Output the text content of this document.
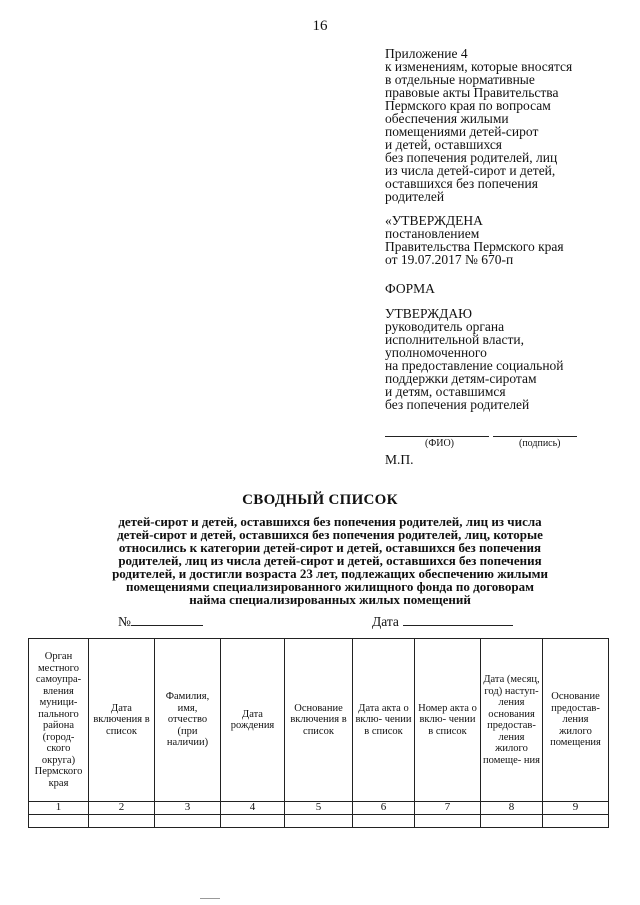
16
Приложение 4
к изменениям, которые вносятся
в отдельные нормативные
правовые акты Правительства
Пермского края по вопросам
обеспечения жилыми
помещениями детей-сирот
и детей, оставшихся
без попечения родителей, лиц
из числа детей-сирот и детей,
оставшихся без попечения
родителей
«УТВЕРЖДЕНА
постановлением
Правительства Пермского края
от 19.07.2017 № 670-п
ФОРМА
УТВЕРЖДАЮ
руководитель органа
исполнительной власти,
уполномоченного
на предоставление социальной
поддержки детям-сиротам
и детям, оставшимся
без попечения родителей
(ФИО)	(подпись)
М.П.
СВОДНЫЙ СПИСОК
детей-сирот и детей, оставшихся без попечения родителей, лиц из числа
детей-сирот и детей, оставшихся без попечения родителей, лиц, которые
относились к категории детей-сирот и детей, оставшихся без попечения
родителей, лиц из числа детей-сирот и детей, оставшихся без попечения
родителей, и достигли возраста 23 лет, подлежащих обеспечению жилыми
помещениями специализированного жилищного фонда по договорам
найма специализированных жилых помещений
№	Дата
Орган местного самоупра- вления муници- пального района (город- ского округа) Пермского края	Дата включения в список	Фамилия, имя, отчество (при наличии)	Дата рождения	Основание включения в список	Дата акта о вклю- чении в список	Номер акта о вклю- чении в список	Дата (месяц, год) наступ- ления основания предостав- ления жилого помеще- ния	Основание предостав- ления жилого помещения
1	2	3	4	5	6	7	8	9
